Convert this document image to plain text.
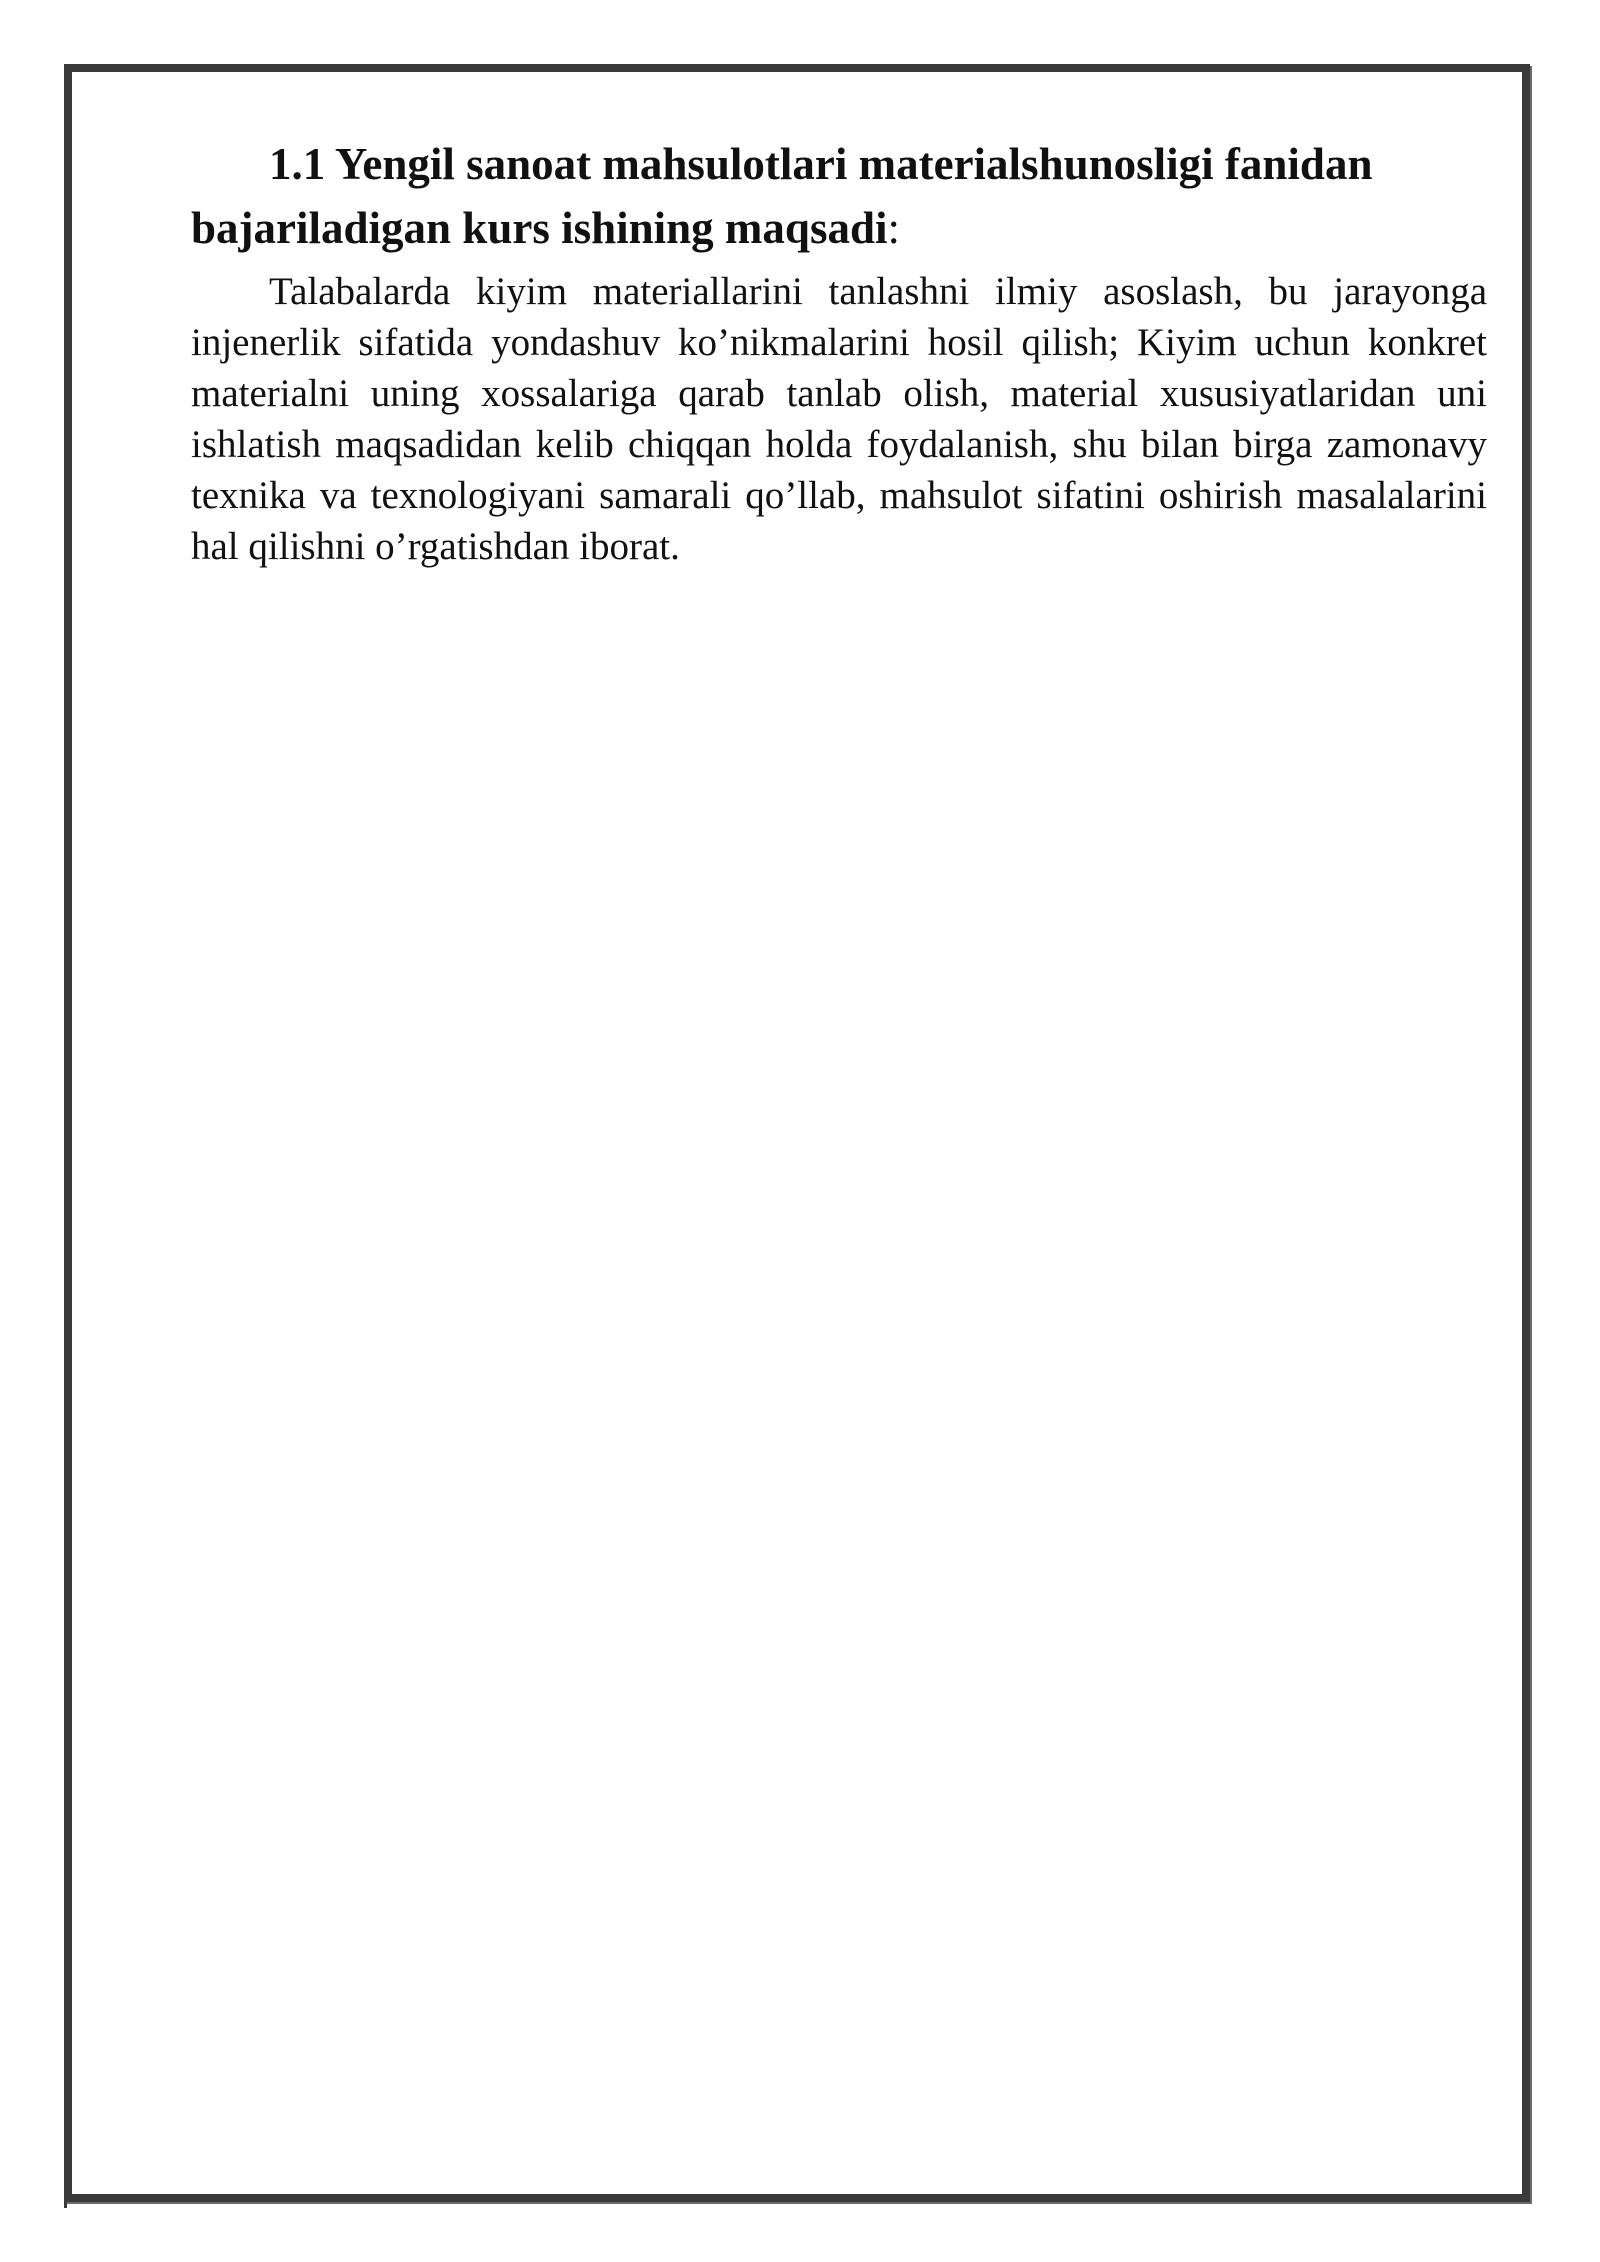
1.1 Yengil sanoat mahsulotlari materialshunosligi fanidan bajariladigan kurs ishining maqsadi:

Talabalarda kiyim materiallarini tanlashni ilmiy asoslash, bu jarayonga injenerlik sifatida yondashuv ko’nikmalarini hosil qilish; Kiyim uchun konkret materialni uning xossalariga qarab tanlab olish, material xususiyatlaridan uni ishlatish maqsadidan kelib chiqqan holda foydalanish, shu bilan birga zamonavy texnika va texnologiyani samarali qo’llab, mahsulot sifatini oshirish masalalarini hal qilishni o’rgatishdan iborat.
